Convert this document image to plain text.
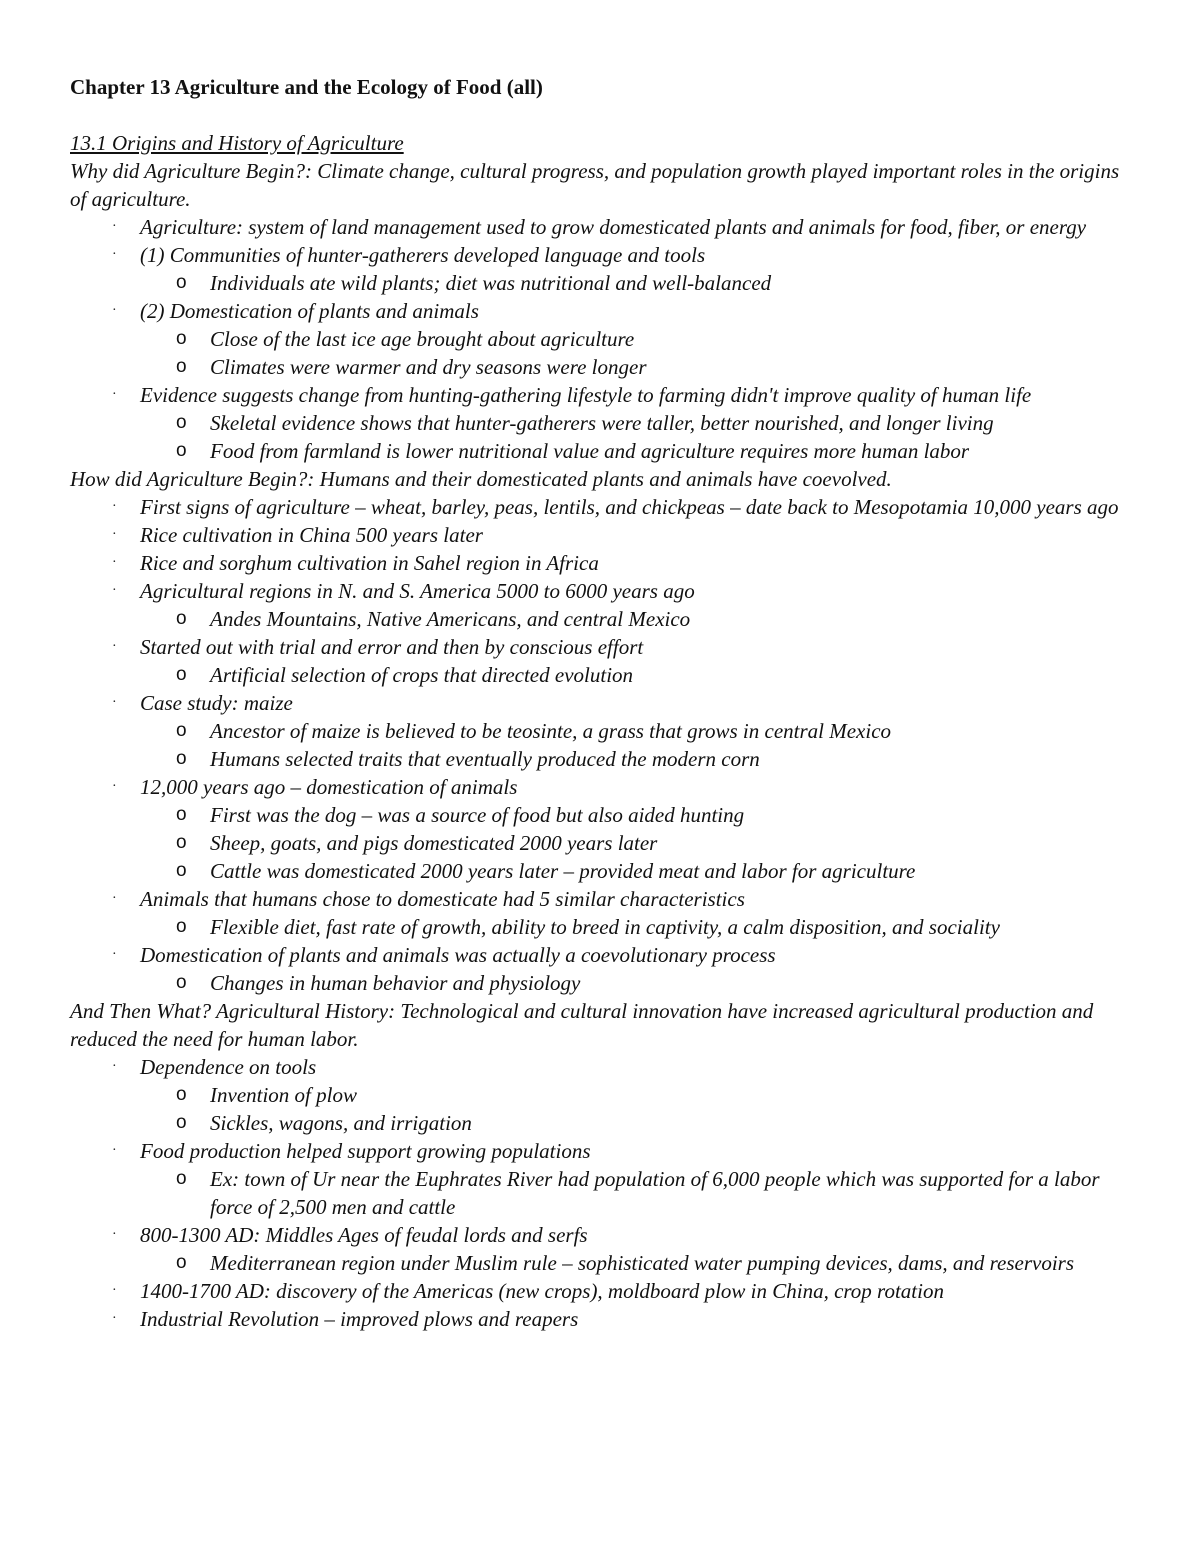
Chapter 13 Agriculture and the Ecology of Food (all)
13.1 Origins and History of Agriculture
Why did Agriculture Begin?: Climate change, cultural progress, and population growth played important roles in the origins of agriculture.
· Agriculture: system of land management used to grow domesticated plants and animals for food, fiber, or energy
· (1) Communities of hunter-gatherers developed language and tools
o Individuals ate wild plants; diet was nutritional and well-balanced
· (2) Domestication of plants and animals
o Close of the last ice age brought about agriculture
o Climates were warmer and dry seasons were longer
· Evidence suggests change from hunting-gathering lifestyle to farming didn't improve quality of human life
o Skeletal evidence shows that hunter-gatherers were taller, better nourished, and longer living
o Food from farmland is lower nutritional value and agriculture requires more human labor
How did Agriculture Begin?: Humans and their domesticated plants and animals have coevolved.
· First signs of agriculture – wheat, barley, peas, lentils, and chickpeas – date back to Mesopotamia 10,000 years ago
· Rice cultivation in China 500 years later
· Rice and sorghum cultivation in Sahel region in Africa
· Agricultural regions in N. and S. America 5000 to 6000 years ago
o Andes Mountains, Native Americans, and central Mexico
· Started out with trial and error and then by conscious effort
o Artificial selection of crops that directed evolution
· Case study: maize
o Ancestor of maize is believed to be teosinte, a grass that grows in central Mexico
o Humans selected traits that eventually produced the modern corn
· 12,000 years ago – domestication of animals
o First was the dog – was a source of food but also aided hunting
o Sheep, goats, and pigs domesticated 2000 years later
o Cattle was domesticated 2000 years later – provided meat and labor for agriculture
· Animals that humans chose to domesticate had 5 similar characteristics
o Flexible diet, fast rate of growth, ability to breed in captivity, a calm disposition, and sociality
· Domestication of plants and animals was actually a coevolutionary process
o Changes in human behavior and physiology
And Then What? Agricultural History: Technological and cultural innovation have increased agricultural production and reduced the need for human labor.
· Dependence on tools
o Invention of plow
o Sickles, wagons, and irrigation
· Food production helped support growing populations
o Ex: town of Ur near the Euphrates River had population of 6,000 people which was supported for a labor force of 2,500 men and cattle
· 800-1300 AD: Middles Ages of feudal lords and serfs
o Mediterranean region under Muslim rule – sophisticated water pumping devices, dams, and reservoirs
· 1400-1700 AD: discovery of the Americas (new crops), moldboard plow in China, crop rotation
· Industrial Revolution – improved plows and reapers
